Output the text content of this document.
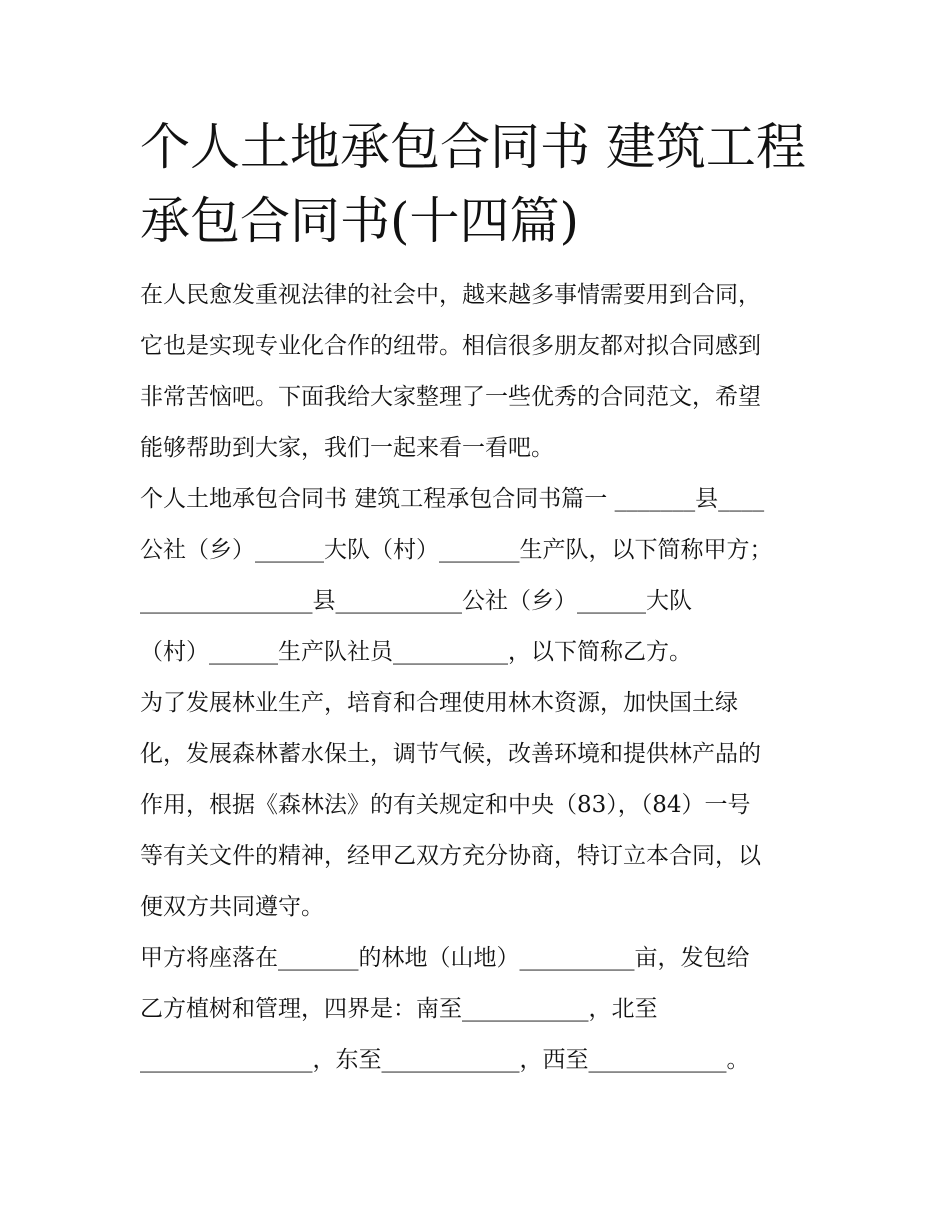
个人土地承包合同书 建筑工程
承包合同书(十四篇)
在人民愈发重视法律的社会中，越来越多事情需要用到合同，
它也是实现专业化合作的纽带。相信很多朋友都对拟合同感到
非常苦恼吧。下面我给大家整理了一些优秀的合同范文，希望
能够帮助到大家，我们一起来看一看吧。
个人土地承包合同书 建筑工程承包合同书篇一 _______县____
公社（乡）______大队（村）_______生产队，以下简称甲方；
_______________县___________公社（乡）______大队
（村）______生产队社员__________，以下简称乙方。
为了发展林业生产，培育和合理使用林木资源，加快国土绿
化，发展森林蓄水保土，调节气候，改善环境和提供林产品的
作用，根据《森林法》的有关规定和中央（83），（84）一号
等有关文件的精神，经甲乙双方充分协商，特订立本合同，以
便双方共同遵守。
甲方将座落在_______的林地（山地）__________亩，发包给
乙方植树和管理，四界是：南至___________，北至
_______________，东至____________，西至____________。
